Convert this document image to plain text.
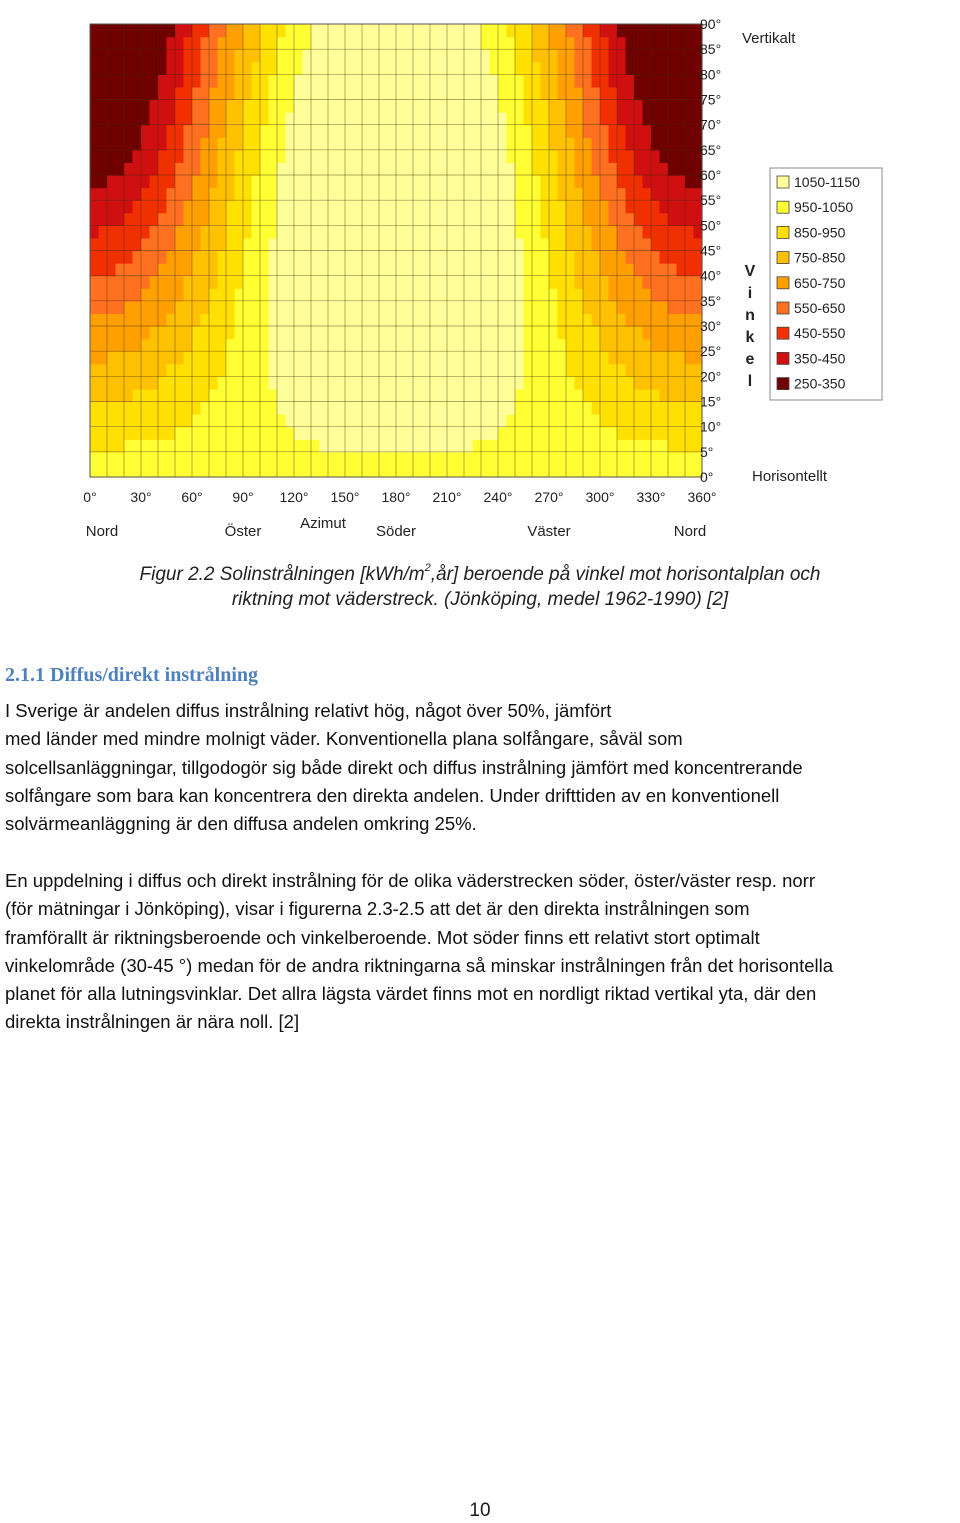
Vertikalt
Horisontellt
0°
5°
10°
15°
20°
25°
30°
35°
40°
45°
50°
55°
60°
65°
70°
75°
80°
85°
90°
0° 30° 60° 90° 120° 150° 180° 210° 240° 270° 300° 330° 360°
Nord	Öster	Söder	Väster	Nord
Azimut
V
i
n
k
e
l
1050-1150
950-1050
850-950
750-850
650-750
550-650
450-550
350-450
250-350
Figur 2.2 Solinstrålningen $[kWh/m^2,år]$ beroende på vinkel mot horisontalplan och
riktning mot väderstreck. (Jönköping, medel 1962-1990) [2]
2.1.1 Diffus/direkt instrålning
I Sverige är andelen diffus instrålning relativt hög, något över 50%, jämfört
med länder med mindre molnigt väder. Konventionella plana solfångare, såväl som
solcellsanläggningar, tillgodogör sig både direkt och diffus instrålning jämfört med koncentrerande
solfångare som bara kan koncentrera den direkta andelen. Under drifttiden av en konventionell
solvärmeanläggning är den diffusa andelen omkring 25%.
En uppdelning i diffus och direkt instrålning för de olika väderstrecken söder, öster/väster resp. norr
(för mätningar i Jönköping), visar i figurerna 2.3-2.5 att det är den direkta instrålningen som
framförallt är riktningsberoende och vinkelberoende. Mot söder finns ett relativt stort optimalt
vinkelområde (30-45 °) medan för de andra riktningarna så minskar instrålningen från det horisontella
planet för alla lutningsvinklar. Det allra lägsta värdet finns mot en nordligt riktad vertikal yta, där den
direkta instrålningen är nära noll. [2]
10
